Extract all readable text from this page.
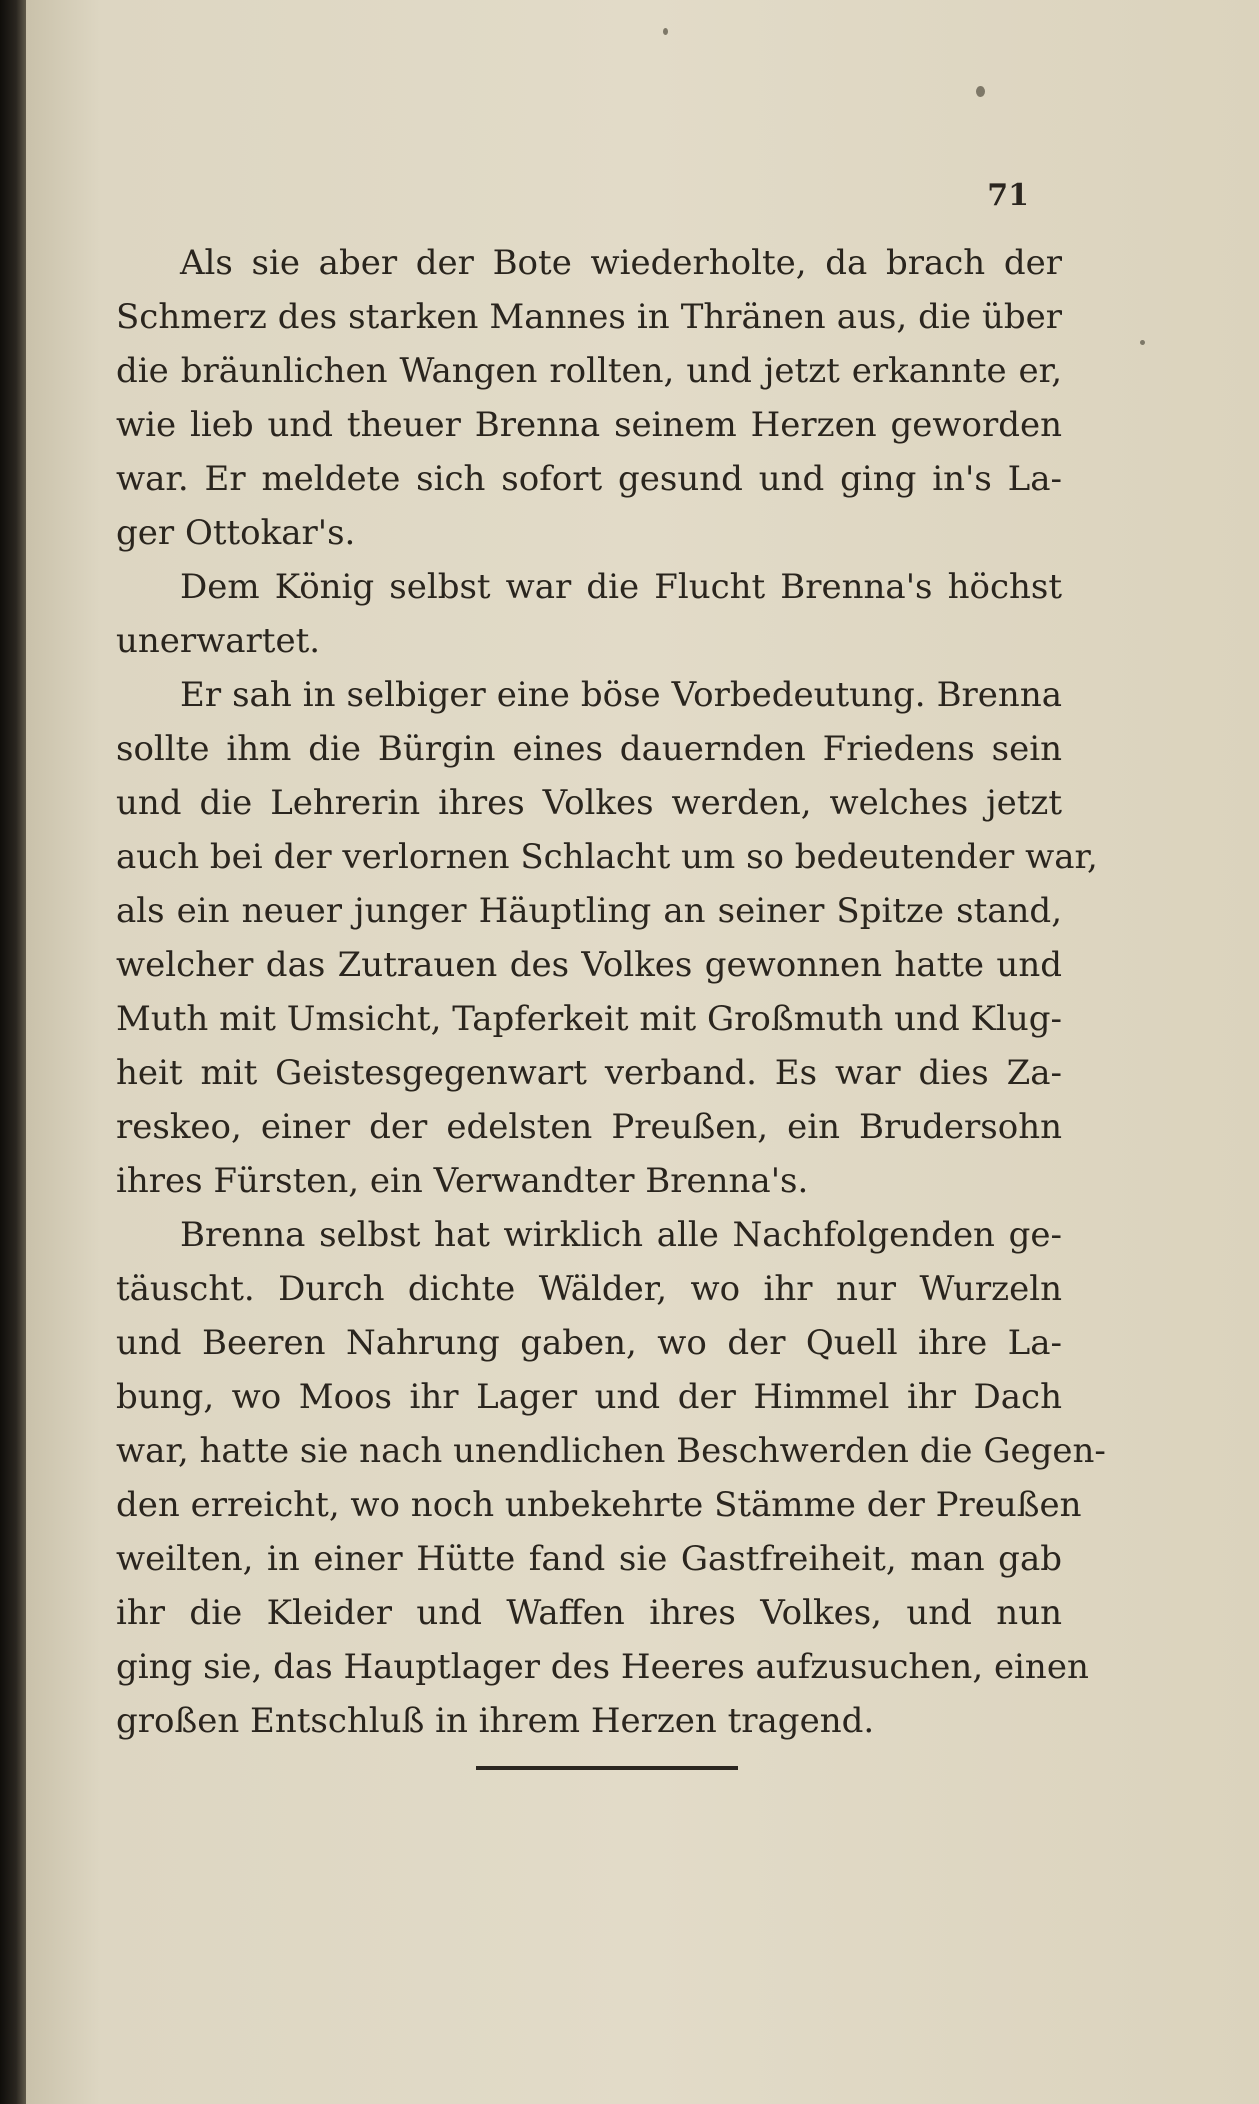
71
Als sie aber der Bote wiederholte, da brach der
Schmerz des starken Mannes in Thränen aus, die über
die bräunlichen Wangen rollten, und jetzt erkannte er,
wie lieb und theuer Brenna seinem Herzen geworden
war. Er meldete sich sofort gesund und ging in's La-
ger Ottokar's.
Dem König selbst war die Flucht Brenna's höchst
unerwartet.
Er sah in selbiger eine böse Vorbedeutung. Brenna
sollte ihm die Bürgin eines dauernden Friedens sein
und die Lehrerin ihres Volkes werden, welches jetzt
auch bei der verlornen Schlacht um so bedeutender war,
als ein neuer junger Häuptling an seiner Spitze stand,
welcher das Zutrauen des Volkes gewonnen hatte und
Muth mit Umsicht, Tapferkeit mit Großmuth und Klug-
heit mit Geistesgegenwart verband. Es war dies Za-
reskeo, einer der edelsten Preußen, ein Brudersohn
ihres Fürsten, ein Verwandter Brenna's.
Brenna selbst hat wirklich alle Nachfolgenden ge-
täuscht. Durch dichte Wälder, wo ihr nur Wurzeln
und Beeren Nahrung gaben, wo der Quell ihre La-
bung, wo Moos ihr Lager und der Himmel ihr Dach
war, hatte sie nach unendlichen Beschwerden die Gegen-
den erreicht, wo noch unbekehrte Stämme der Preußen
weilten, in einer Hütte fand sie Gastfreiheit, man gab
ihr die Kleider und Waffen ihres Volkes, und nun
ging sie, das Hauptlager des Heeres aufzusuchen, einen
großen Entschluß in ihrem Herzen tragend.
